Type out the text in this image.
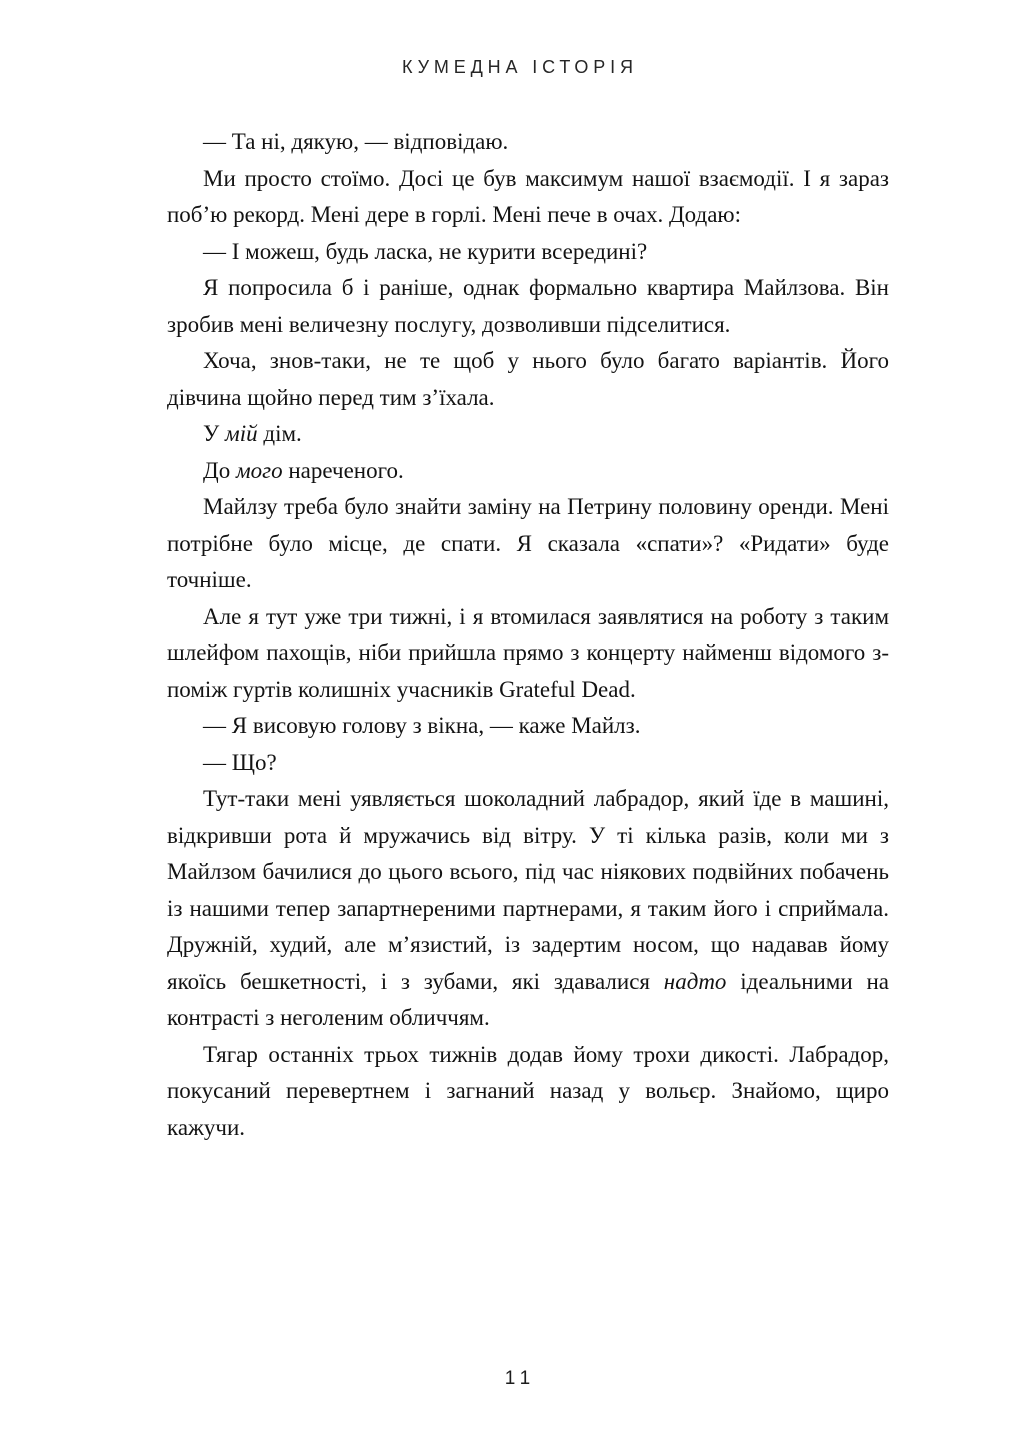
КУМЕДНА ІСТОРІЯ

— Та ні, дякую, — відповідаю.

Ми просто стоїмо. Досі це був максимум нашої взаємодії. І я зараз поб’ю рекорд. Мені дере в горлі. Мені пече в очах. Додаю:

— І можеш, будь ласка, не курити всередині?

Я попросила б і раніше, однак формально квартира Майлзова. Він зробив мені величезну послугу, дозволивши підселитися.

Хоча, знов-таки, не те щоб у нього було багато варіантів. Його дівчина щойно перед тим з’їхала.

У мій дім.

До мого нареченого.

Майлзу треба було знайти заміну на Петрину половину оренди. Мені потрібне було місце, де спати. Я сказала «спати»? «Ридати» буде точніше.

Але я тут уже три тижні, і я втомилася заявлятися на роботу з таким шлейфом пахощів, ніби прийшла прямо з концерту найменш відомого з-поміж гуртів колишніх учасників Grateful Dead.

— Я висовую голову з вікна, — каже Майлз.

— Що?

Тут-таки мені уявляється шоколадний лабрадор, який їде в машині, відкривши рота й мружачись від вітру. У ті кілька разів, коли ми з Майлзом бачилися до цього всього, під час ніякових подвійних побачень із нашими тепер запартнереними партнерами, я таким його і сприймала. Дружній, худий, але м’язистий, із задертим носом, що надавав йому якоїсь бешкетності, і з зубами, які здавалися надто ідеальними на контрасті з неголеним обличчям.

Тягар останніх трьох тижнів додав йому трохи дикості. Лабрадор, покусаний перевертнем і загнаний назад у вольєр. Знайомо, щиро кажучи.

11
